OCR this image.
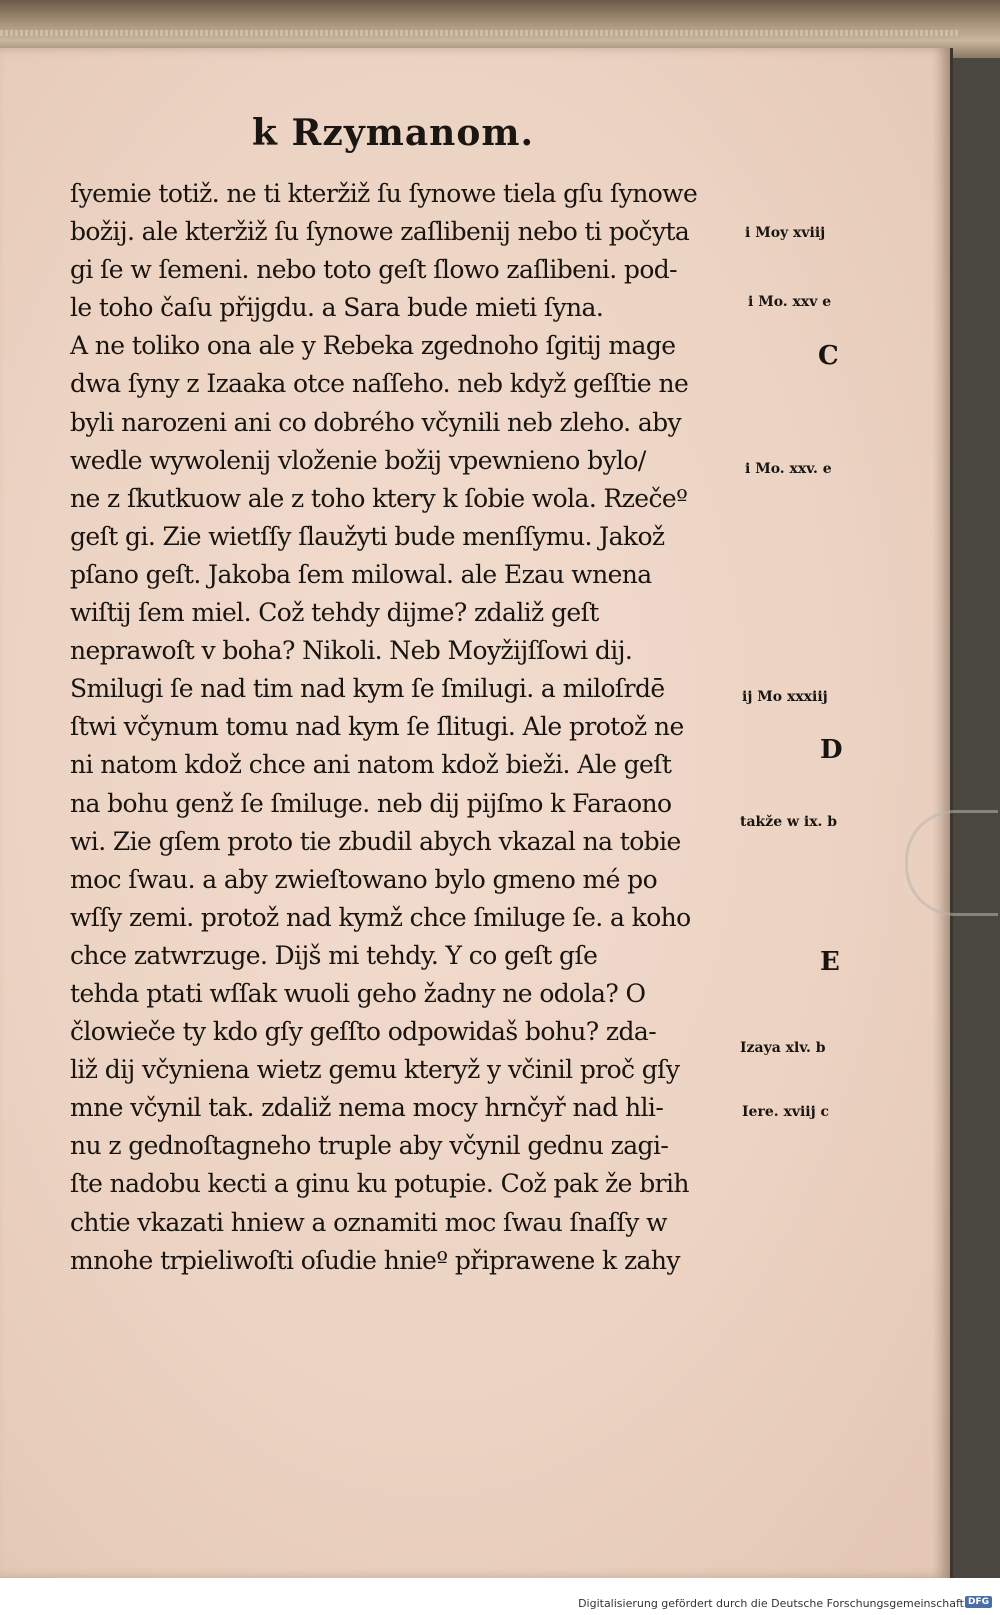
k Rzymanom.
ſyemie totiž. ne ti kteržiž ſu ſynowe tiela gſu ſynowe
božij. ale kteržiž ſu ſynowe zaſlibenij nebo ti počyta
gi ſe w ſemeni. nebo toto geſt ſlowo zaſlibeni. pod‑
le toho čaſu přijgdu. a Sara bude mieti ſyna.
A ne toliko ona ale y Rebeka zgednoho ſgitij mage
dwa ſyny z Izaaka otce naſſeho. neb když geſſtie ne
byli narozeni ani co dobrého včynili neb zleho. aby
wedle wywolenij vloženie božij vpewnieno bylo/
ne z ſkutkuow ale z toho ktery k ſobie wola. Rzečeº
geſt gi. Zie wietſſy ſlaužyti bude menſſymu. Jakož
pſano geſt. Jakoba ſem milowal. ale Ezau wnena
wiſtij ſem miel. Což tehdy dijme? zdaliž geſt
neprawoſt v boha? Nikoli. Neb Moyžijſſowi dij.
Smilugi ſe nad tim nad kym ſe ſmilugi. a miloſrdē
ſtwi včynum tomu nad kym ſe ſlitugi. Ale protož ne
ni natom kdož chce ani natom kdož bieži. Ale geſt
na bohu genž ſe ſmiluge. neb dij pijſmo k Faraono
wi. Zie gſem proto tie zbudil abych vkazal na tobie
moc ſwau. a aby zwieſtowano bylo gmeno mé po
wſſy zemi. protož nad kymž chce ſmiluge ſe. a koho
chce zatwrzuge. Dijš mi tehdy. Y co geſt gſe
tehda ptati wſſak wuoli geho žadny ne odola? O
člowiečе ty kdo gſy geſſto odpowidaš bohu? zda‑
liž dij včyniena wietz gemu kteryž y včinil proč gſy
mne včynil tak. zdaliž nema mocy hrnčyř nad hli‑
nu z gednoſtagneho truple aby včynil gednu zagi‑
ſte nadobu kecti a ginu ku potupie. Což pak že brih
chtie vkazati hniew a oznamiti moc ſwau ſnaſſy w
mnohe trpieliwoſti oſudie hnieº připrawene k zahy
i Moy xviij
i Mo. xxv e
C
i Mo. xxv. e
ij Mo xxxiij
D
takže w ix. b
E
Izaya xlv. b
Iere. xviij c
Digitalisierung gefördert durch die Deutsche Forschungsgemeinschaft DFG
